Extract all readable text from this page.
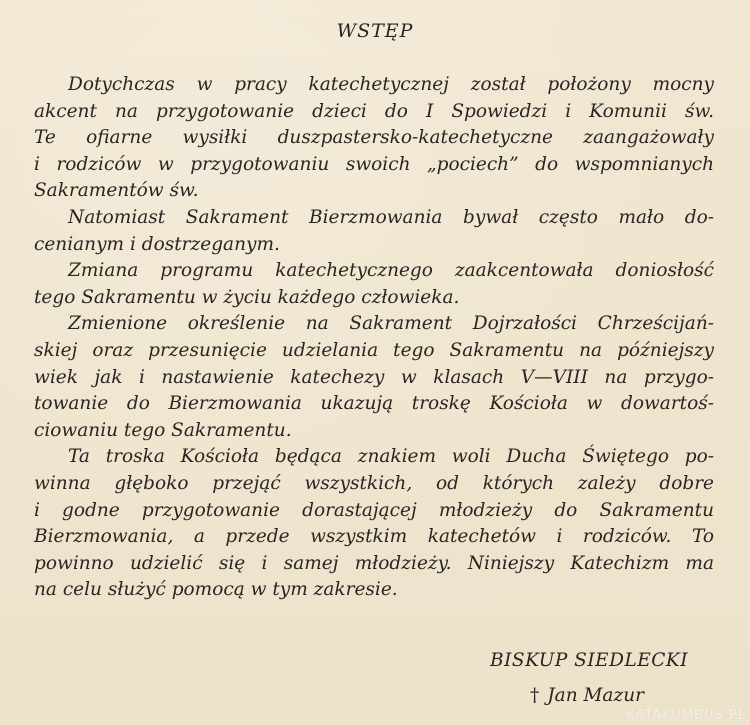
WSTĘP
Dotychczas w pracy katechetycznej został położony mocny
akcent na przygotowanie dzieci do I Spowiedzi i Komunii św.
Te ofiarne wysiłki duszpastersko-katechetyczne zaangażowały
i rodziców w przygotowaniu swoich „pociech” do wspomnianych
Sakramentów św.
Natomiast Sakrament Bierzmowania bywał często mało do-
cenianym i dostrzeganym.
Zmiana programu katechetycznego zaakcentowała doniosłość
tego Sakramentu w życiu każdego człowieka.
Zmienione określenie na Sakrament Dojrzałości Chrześcijań-
skiej oraz przesunięcie udzielania tego Sakramentu na późniejszy
wiek jak i nastawienie katechezy w klasach V—VIII na przygo-
towanie do Bierzmowania ukazują troskę Kościoła w dowartoś-
ciowaniu tego Sakramentu.
Ta troska Kościoła będąca znakiem woli Ducha Świętego po-
winna głęboko przejąć wszystkich, od których zależy dobre
i godne przygotowanie dorastającej młodzieży do Sakramentu
Bierzmowania, a przede wszystkim katechetów i rodziców. To
powinno udzielić się i samej młodzieży. Niniejszy Katechizm ma
na celu służyć pomocą w tym zakresie.
BISKUP SIEDLECKI
† Jan Mazur
KATAKUMBUS.PL
